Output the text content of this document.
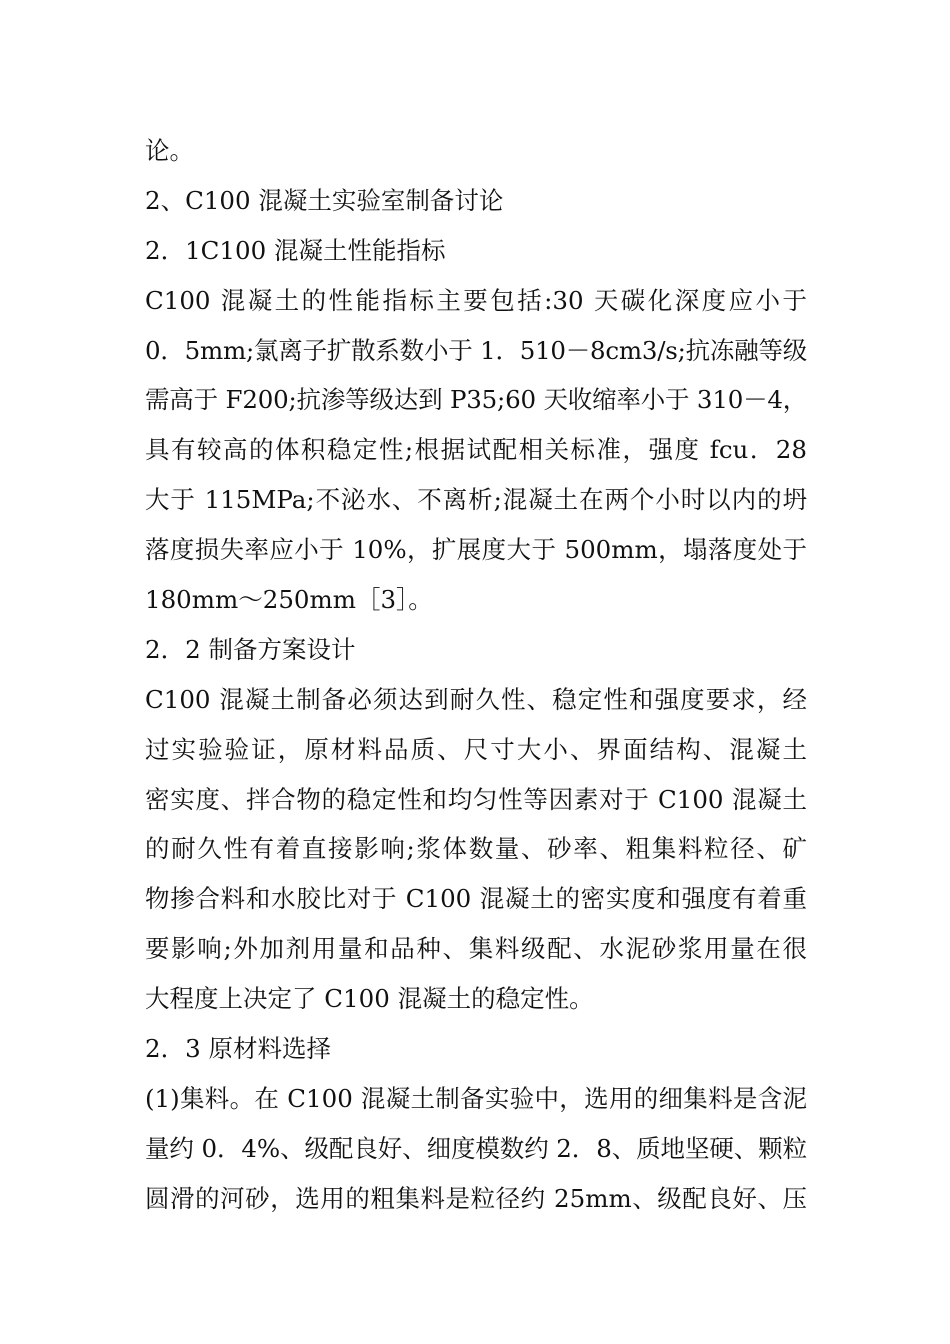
论。
2、C100 混凝土实验室制备讨论
2．1C100 混凝土性能指标
C100 混凝土的性能指标主要包括:30 天碳化深度应小于
0．5mm;氯离子扩散系数小于 1．510－8cm3/s;抗冻融等级
需高于 F200;抗渗等级达到 P35;60 天收缩率小于 310－4，
具有较高的体积稳定性;根据试配相关标准，强度 fcu．28
大于 115MPa;不泌水、不离析;混凝土在两个小时以内的坍
落度损失率应小于 10%，扩展度大于 500mm，塌落度处于
180mm～250mm［3］。
2．2 制备方案设计
C100 混凝土制备必须达到耐久性、稳定性和强度要求，经
过实验验证，原材料品质、尺寸大小、界面结构、混凝土
密实度、拌合物的稳定性和均匀性等因素对于 C100 混凝土
的耐久性有着直接影响;浆体数量、砂率、粗集料粒径、矿
物掺合料和水胶比对于 C100 混凝土的密实度和强度有着重
要影响;外加剂用量和品种、集料级配、水泥砂浆用量在很
大程度上决定了 C100 混凝土的稳定性。
2．3 原材料选择
(1)集料。在 C100 混凝土制备实验中，选用的细集料是含泥
量约 0．4%、级配良好、细度模数约 2．8、质地坚硬、颗粒
圆滑的河砂，选用的粗集料是粒径约 25mm、级配良好、压
